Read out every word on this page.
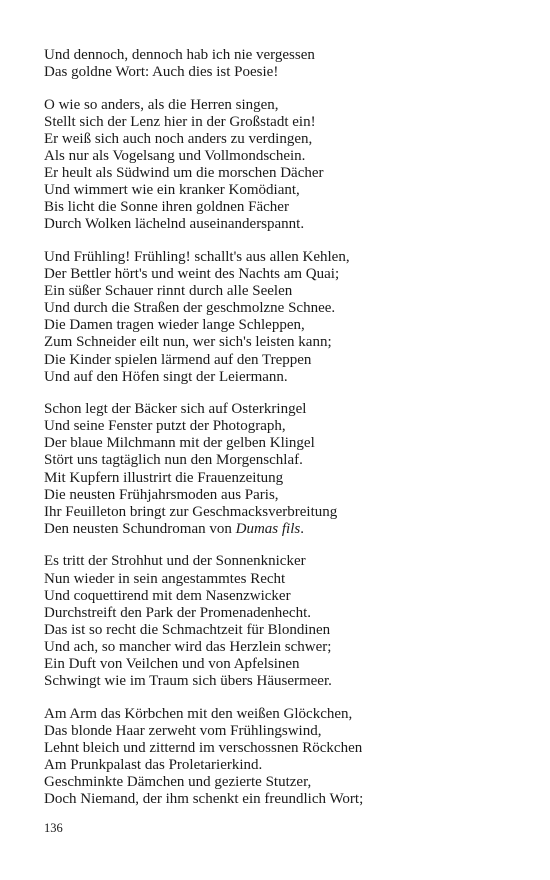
Und dennoch, dennoch hab ich nie vergessen
Das goldne Wort: Auch dies ist Poesie!
O wie so anders, als die Herren singen,
Stellt sich der Lenz hier in der Großstadt ein!
Er weiß sich auch noch anders zu verdingen,
Als nur als Vogelsang und Vollmondschein.
Er heult als Südwind um die morschen Dächer
Und wimmert wie ein kranker Komödiant,
Bis licht die Sonne ihren goldnen Fächer
Durch Wolken lächelnd auseinanderspannt.
Und Frühling! Frühling! schallt's aus allen Kehlen,
Der Bettler hört's und weint des Nachts am Quai;
Ein süßer Schauer rinnt durch alle Seelen
Und durch die Straßen der geschmolzne Schnee.
Die Damen tragen wieder lange Schleppen,
Zum Schneider eilt nun, wer sich's leisten kann;
Die Kinder spielen lärmend auf den Treppen
Und auf den Höfen singt der Leiermann.
Schon legt der Bäcker sich auf Osterkringel
Und seine Fenster putzt der Photograph,
Der blaue Milchmann mit der gelben Klingel
Stört uns tagtäglich nun den Morgenschlaf.
Mit Kupfern illustrirt die Frauenzeitung
Die neusten Frühjahrsmoden aus Paris,
Ihr Feuilleton bringt zur Geschmacksverbreitung
Den neusten Schundroman von Dumas fils.
Es tritt der Strohhut und der Sonnenknicker
Nun wieder in sein angestammtes Recht
Und coquettirend mit dem Nasenzwicker
Durchstreift den Park der Promenadenhecht.
Das ist so recht die Schmachtzeit für Blondinen
Und ach, so mancher wird das Herzlein schwer;
Ein Duft von Veilchen und von Apfelsinen
Schwingt wie im Traum sich übers Häusermeer.
Am Arm das Körbchen mit den weißen Glöckchen,
Das blonde Haar zerweht vom Frühlingswind,
Lehnt bleich und zitternd im verschossnen Röckchen
Am Prunkpalast das Proletarierkind.
Geschminkte Dämchen und gezierte Stutzer,
Doch Niemand, der ihm schenkt ein freundlich Wort;
136
